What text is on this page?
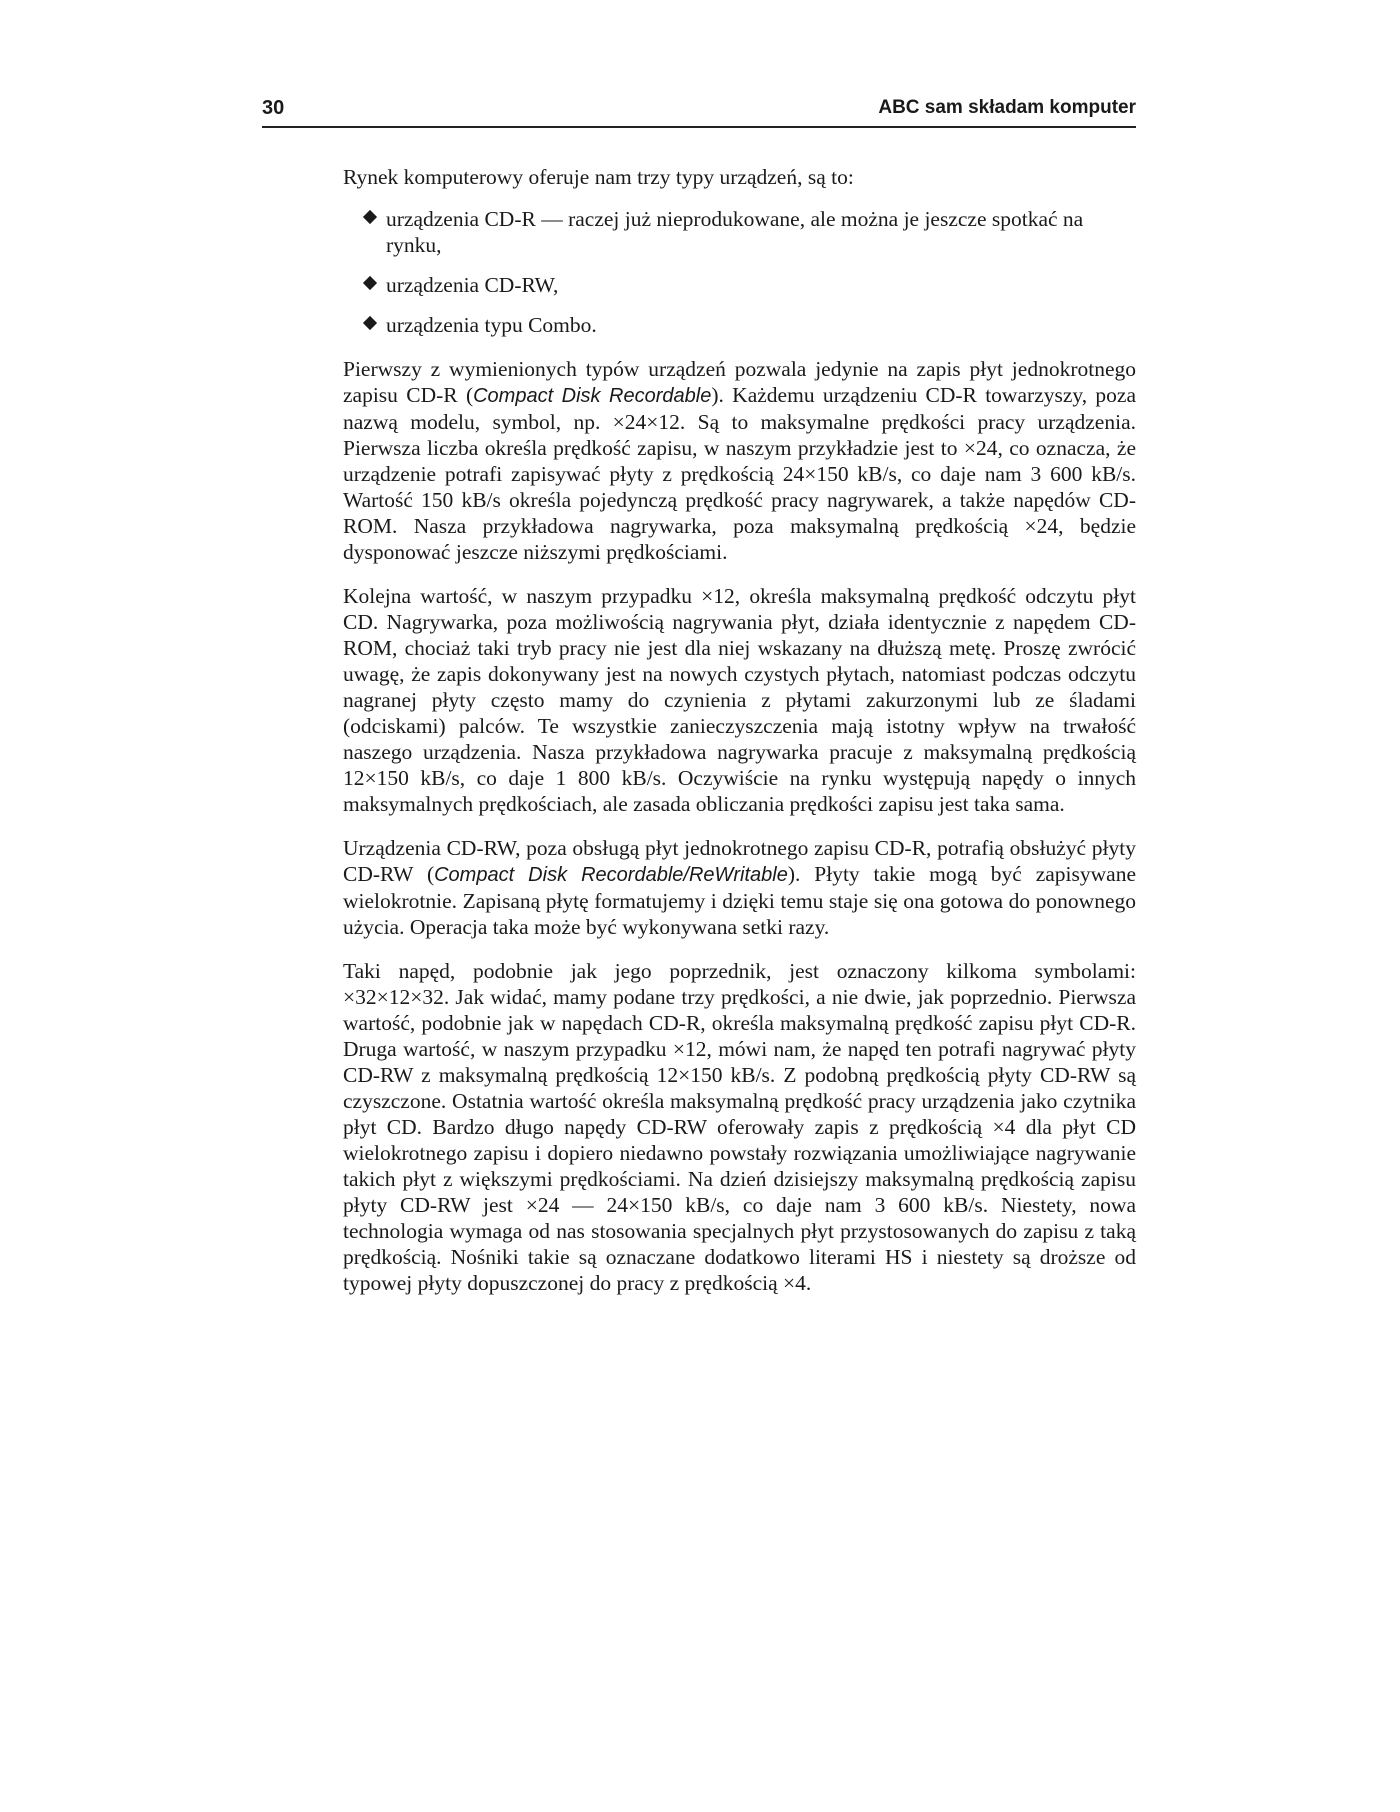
30	ABC sam składam komputer

Rynek komputerowy oferuje nam trzy typy urządzeń, są to:

urządzenia CD-R — raczej już nieprodukowane, ale można je jeszcze spotkać na rynku,
urządzenia CD-RW,
urządzenia typu Combo.

Pierwszy z wymienionych typów urządzeń pozwala jedynie na zapis płyt jednokrotnego zapisu CD-R (Compact Disk Recordable). Każdemu urządzeniu CD-R towarzyszy, poza nazwą modelu, symbol, np. ×24×12. Są to maksymalne prędkości pracy urządzenia. Pierwsza liczba określa prędkość zapisu, w naszym przykładzie jest to ×24, co oznacza, że urządzenie potrafi zapisywać płyty z prędkością 24×150 kB/s, co daje nam 3 600 kB/s. Wartość 150 kB/s określa pojedynczą prędkość pracy nagrywarek, a także napędów CD-ROM. Nasza przykładowa nagrywarka, poza maksymalną prędkością ×24, będzie dysponować jeszcze niższymi prędkościami.

Kolejna wartość, w naszym przypadku ×12, określa maksymalną prędkość odczytu płyt CD. Nagrywarka, poza możliwością nagrywania płyt, działa identycznie z napędem CD-ROM, chociaż taki tryb pracy nie jest dla niej wskazany na dłuższą metę. Proszę zwrócić uwagę, że zapis dokonywany jest na nowych czystych płytach, natomiast podczas odczytu nagranej płyty często mamy do czynienia z płytami zakurzonymi lub ze śladami (odciskami) palców. Te wszystkie zanieczyszczenia mają istotny wpływ na trwałość naszego urządzenia. Nasza przykładowa nagrywarka pracuje z maksymalną prędkością 12×150 kB/s, co daje 1 800 kB/s. Oczywiście na rynku występują napędy o innych maksymalnych prędkościach, ale zasada obliczania prędkości zapisu jest taka sama.

Urządzenia CD-RW, poza obsługą płyt jednokrotnego zapisu CD-R, potrafią obsłużyć płyty CD-RW (Compact Disk Recordable/ReWritable). Płyty takie mogą być zapisywane wielokrotnie. Zapisaną płytę formatujemy i dzięki temu staje się ona gotowa do ponownego użycia. Operacja taka może być wykonywana setki razy.

Taki napęd, podobnie jak jego poprzednik, jest oznaczony kilkoma symbolami: ×32×12×32. Jak widać, mamy podane trzy prędkości, a nie dwie, jak poprzednio. Pierwsza wartość, podobnie jak w napędach CD-R, określa maksymalną prędkość zapisu płyt CD-R. Druga wartość, w naszym przypadku ×12, mówi nam, że napęd ten potrafi nagrywać płyty CD-RW z maksymalną prędkością 12×150 kB/s. Z podobną prędkością płyty CD-RW są czyszczone. Ostatnia wartość określa maksymalną prędkość pracy urządzenia jako czytnika płyt CD. Bardzo długo napędy CD-RW oferowały zapis z prędkością ×4 dla płyt CD wielokrotnego zapisu i dopiero niedawno powstały rozwiązania umożliwiające nagrywanie takich płyt z większymi prędkościami. Na dzień dzisiejszy maksymalną prędkością zapisu płyty CD-RW jest ×24 — 24×150 kB/s, co daje nam 3 600 kB/s. Niestety, nowa technologia wymaga od nas stosowania specjalnych płyt przystosowanych do zapisu z taką prędkością. Nośniki takie są oznaczane dodatkowo literami HS i niestety są droższe od typowej płyty dopuszczonej do pracy z prędkością ×4.
